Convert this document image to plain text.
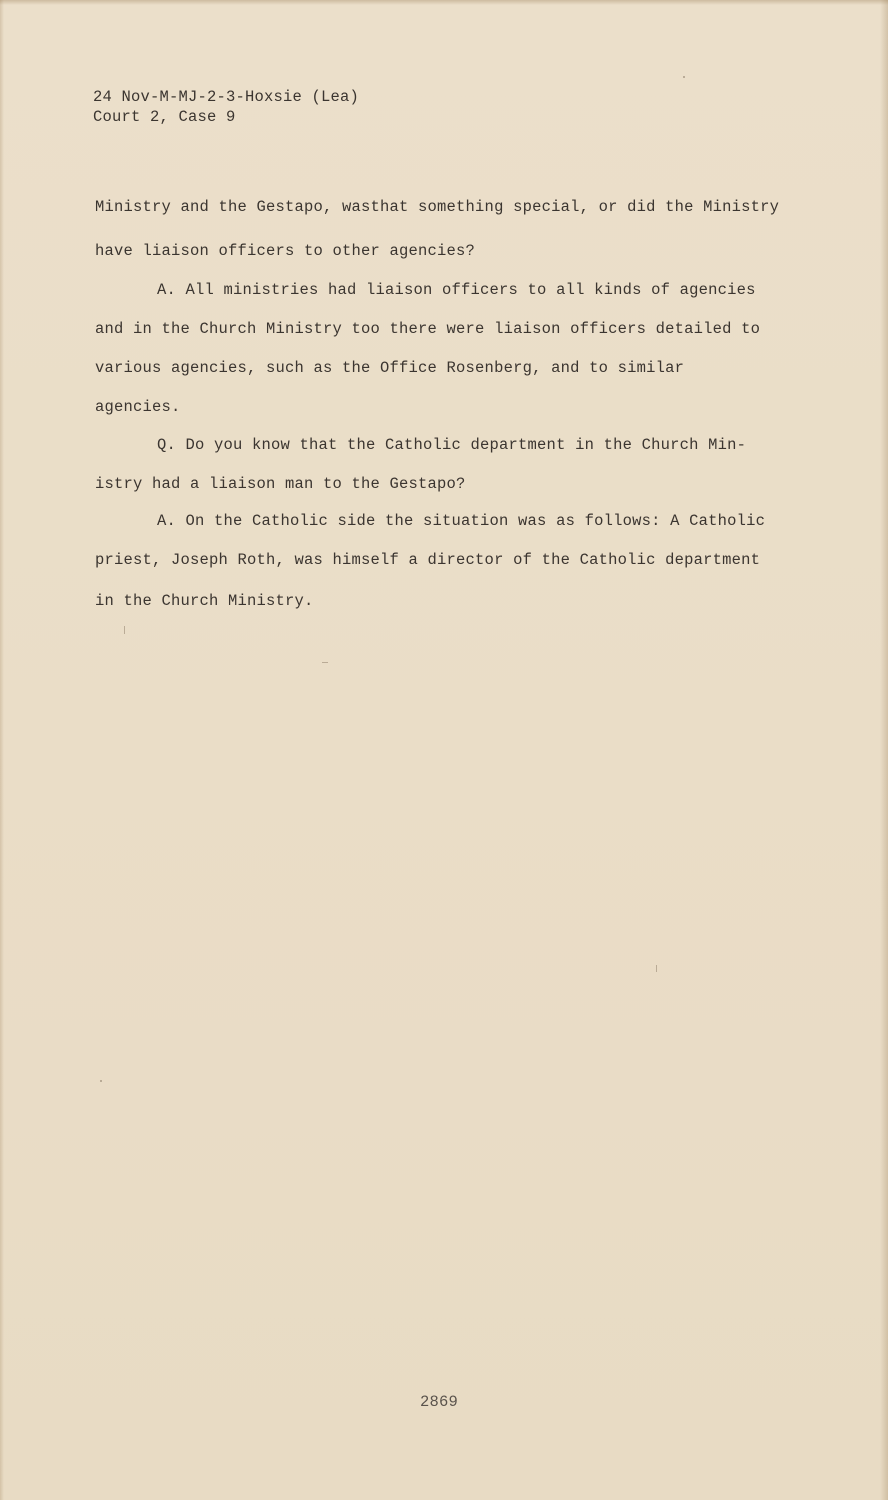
24 Nov-M-MJ-2-3-Hoxsie (Lea)
Court 2, Case 9
Ministry and the Gestapo, wasthat something special, or did the Ministry
have liaison officers to other agencies?
A. All ministries had liaison officers to all kinds of agencies
and in the Church Ministry too there were liaison officers detailed to
various agencies, such as the Office Rosenberg, and to similar
agencies.
Q. Do you know that the Catholic department in the Church Min-
istry had a liaison man to the Gestapo?
A. On the Catholic side the situation was as follows: A Catholic
priest, Joseph Roth, was himself a director of the Catholic department
in the Church Ministry.
2869
